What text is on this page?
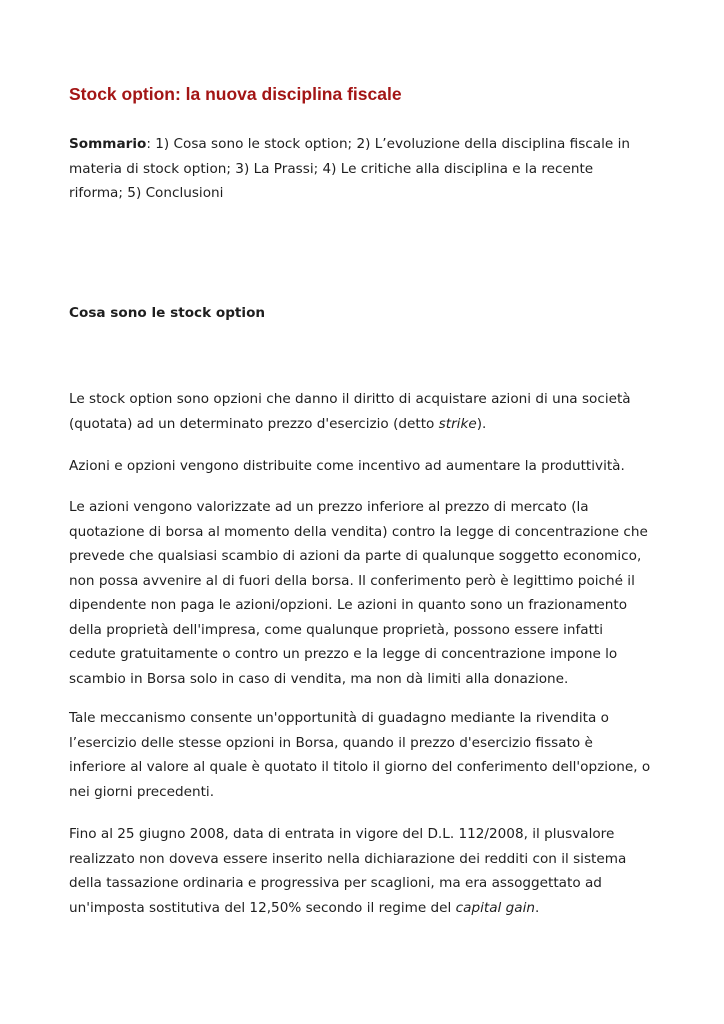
Stock option: la nuova disciplina fiscale

Sommario: 1) Cosa sono le stock option; 2) L’evoluzione della disciplina fiscale in
materia di stock option; 3) La Prassi; 4) Le critiche alla disciplina e la recente
riforma; 5) Conclusioni

Cosa sono le stock option

Le stock option sono opzioni che danno il diritto di acquistare azioni di una società
(quotata) ad un determinato prezzo d'esercizio (detto strike).

Azioni e opzioni vengono distribuite come incentivo ad aumentare la produttività.

Le azioni vengono valorizzate ad un prezzo inferiore al prezzo di mercato (la
quotazione di borsa al momento della vendita) contro la legge di concentrazione che
prevede che qualsiasi scambio di azioni da parte di qualunque soggetto economico,
non possa avvenire al di fuori della borsa. Il conferimento però è legittimo poiché il
dipendente non paga le azioni/opzioni. Le azioni in quanto sono un frazionamento
della proprietà dell'impresa, come qualunque proprietà, possono essere infatti
cedute gratuitamente o contro un prezzo e la legge di concentrazione impone lo
scambio in Borsa solo in caso di vendita, ma non dà limiti alla donazione.

Tale meccanismo consente un'opportunità di guadagno mediante la rivendita o
l’esercizio delle stesse opzioni in Borsa, quando il prezzo d'esercizio fissato è
inferiore al valore al quale è quotato il titolo il giorno del conferimento dell'opzione, o
nei giorni precedenti.

Fino al 25 giugno 2008, data di entrata in vigore del D.L. 112/2008, il plusvalore
realizzato non doveva essere inserito nella dichiarazione dei redditi con il sistema
della tassazione ordinaria e progressiva per scaglioni, ma era assoggettato ad
un'imposta sostitutiva del 12,50% secondo il regime del capital gain.
